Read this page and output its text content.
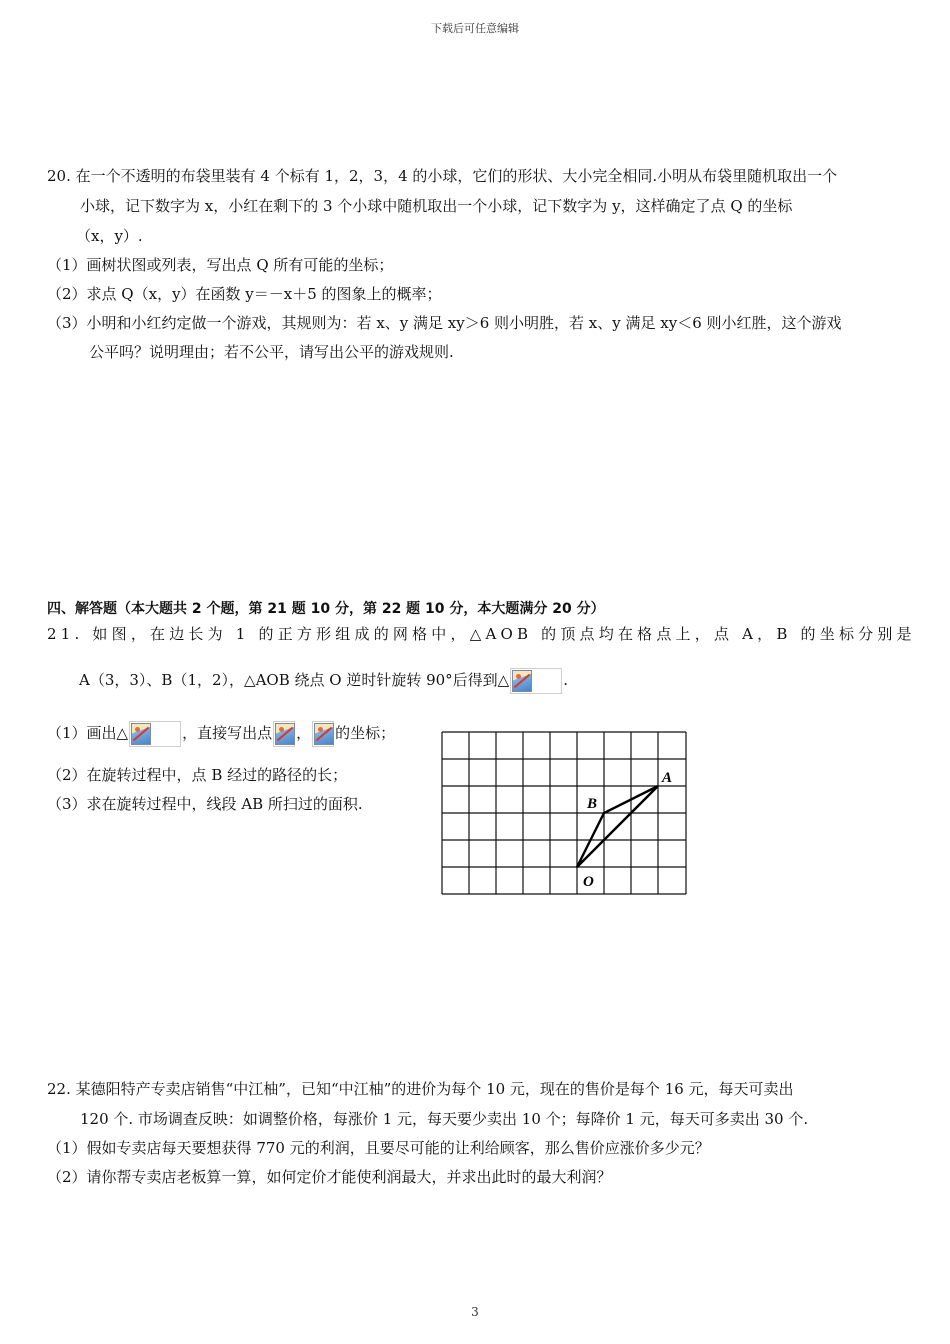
下载后可任意编辑
20. 在一个不透明的布袋里装有 4 个标有 1，2，3，4 的小球，它们的形状、大小完全相同.小明从布袋里随机取出一个
小球，记下数字为 x，小红在剩下的 3 个小球中随机取出一个小球，记下数字为 y，这样确定了点 Q 的坐标
（x，y）.
（1）画树状图或列表，写出点 Q 所有可能的坐标；
（2）求点 Q（x，y）在函数 y＝－x＋5 的图象上的概率；
（3）小明和小红约定做一个游戏，其规则为：若 x、y 满足 xy＞6 则小明胜，若 x、y 满足 xy＜6 则小红胜，这个游戏
公平吗？说明理由；若不公平，请写出公平的游戏规则.
四、解答题（本大题共 2 个题，第 21 题 10 分，第 22 题 10 分，本大题满分 20 分）
21. 如图，在边长为 1 的正方形组成的网格中，△AOB 的顶点均在格点上，点 A，B 的坐标分别是
A（3，3）、B（1，2），△AOB 绕点 O 逆时针旋转 90°后得到△	.
（1）画出△	，直接写出点 ， 的坐标；
（2）在旋转过程中，点 B 经过的路径的长；
（3）求在旋转过程中，线段 AB 所扫过的面积.
A
B
O
22. 某德阳特产专卖店销售“中江柚”，已知“中江柚”的进价为每个 10 元，现在的售价是每个 16 元，每天可卖出
120 个. 市场调查反映：如调整价格，每涨价 1 元，每天要少卖出 10 个；每降价 1 元，每天可多卖出 30 个.
（1）假如专卖店每天要想获得 770 元的利润，且要尽可能的让利给顾客，那么售价应涨价多少元？
（2）请你帮专卖店老板算一算，如何定价才能使利润最大，并求出此时的最大利润？
3
